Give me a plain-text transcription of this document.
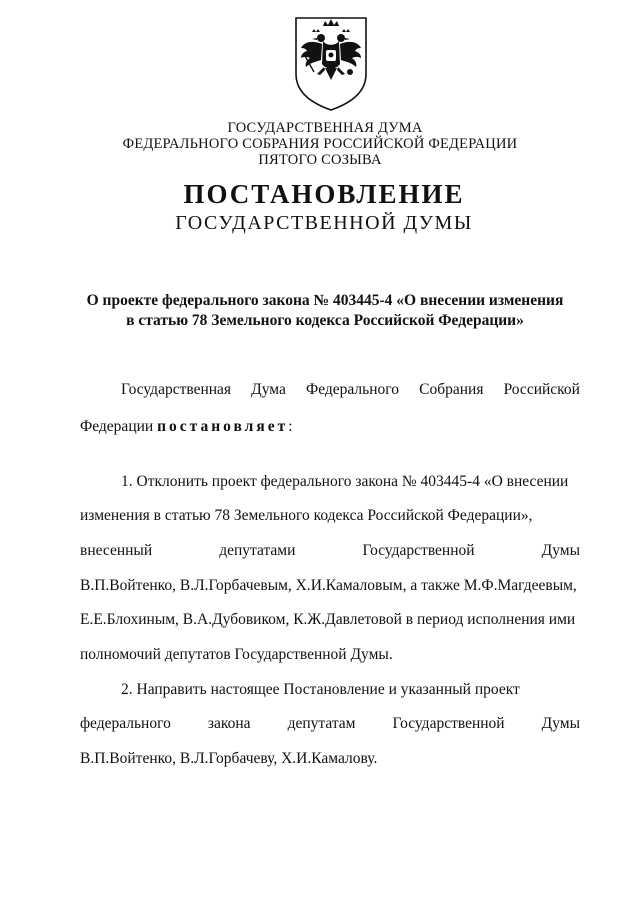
ГОСУДАРСТВЕННАЯ ДУМА
ФЕДЕРАЛЬНОГО СОБРАНИЯ РОССИЙСКОЙ ФЕДЕРАЦИИ
ПЯТОГО СОЗЫВА
ПОСТАНОВЛЕНИЕ
ГОСУДАРСТВЕННОЙ ДУМЫ
О проекте федерального закона № 403445-4 «О внесении изменения
в статью 78 Земельного кодекса Российской Федерации»
Государственная Дума Федерального Собрания Российской
Федерации постановляет:
1. Отклонить проект федерального закона № 403445-4 «О внесении
изменения в статью 78 Земельного кодекса Российской Федерации»,
внесенный	депутатами	Государственной	Думы
В.П.Войтенко, В.Л.Горбачевым, Х.И.Камаловым, а также М.Ф.Магдеевым,
Е.Е.Блохиным, В.А.Дубовиком, К.Ж.Давлетовой в период исполнения ими
полномочий депутатов Государственной Думы.
2. Направить настоящее Постановление и указанный проект
федерального закона депутатам Государственной Думы
В.П.Войтенко, В.Л.Горбачеву, Х.И.Камалову.
